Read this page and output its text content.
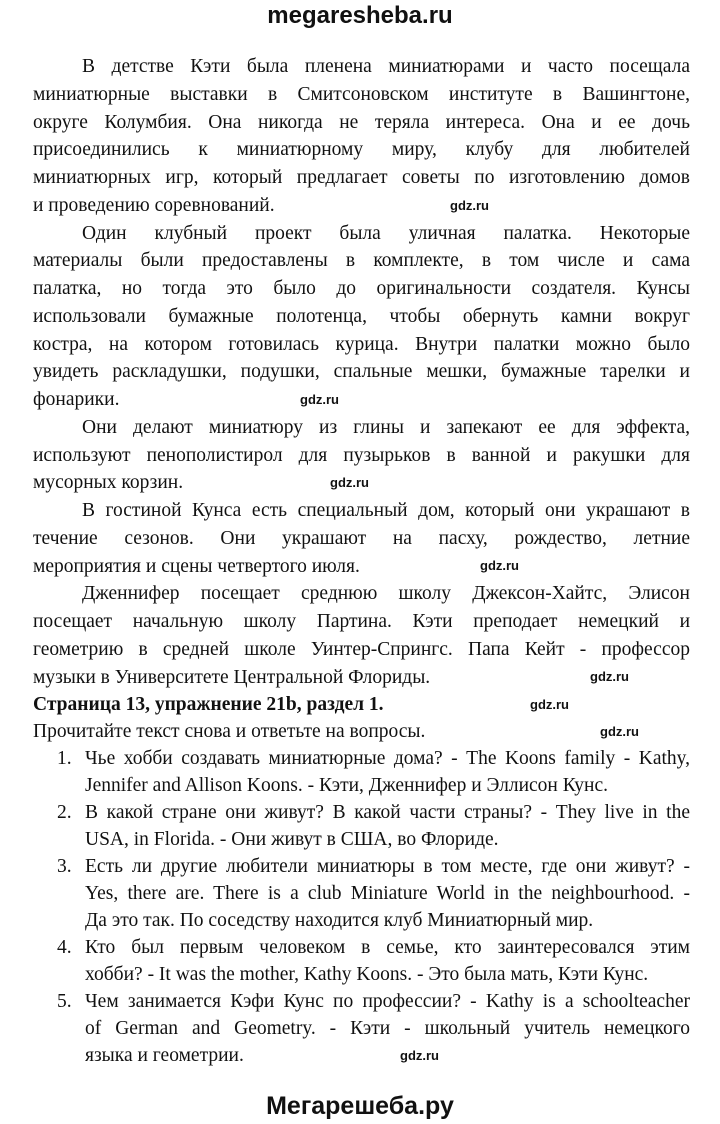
megaresheba.ru
В детстве Кэти была пленена миниатюрами и часто посещала
миниатюрные выставки в Смитсоновском институте в Вашингтоне,
округе Колумбия. Она никогда не теряла интереса. Она и ее дочь
присоединились к миниатюрному миру, клубу для любителей
миниатюрных игр, который предлагает советы по изготовлению домов
и проведению соревнований.
Один клубный проект была уличная палатка. Некоторые
материалы были предоставлены в комплекте, в том числе и сама
палатка, но тогда это было до оригинальности создателя. Кунсы
использовали бумажные полотенца, чтобы обернуть камни вокруг
костра, на котором готовилась курица. Внутри палатки можно было
увидеть раскладушки, подушки, спальные мешки, бумажные тарелки и
фонарики.
Они делают миниатюру из глины и запекают ее для эффекта,
используют пенополистирол для пузырьков в ванной и ракушки для
мусорных корзин.
В гостиной Кунса есть специальный дом, который они украшают в
течение сезонов. Они украшают на пасху, рождество, летние
мероприятия и сцены четвертого июля.
Дженнифер посещает среднюю школу Джексон-Хайтс, Элисон
посещает начальную школу Партина. Кэти преподает немецкий и
геометрию в средней школе Уинтер-Спрингс. Папа Кейт - профессор
музыки в Университете Центральной Флориды.
Страница 13, упражнение 21b, раздел 1.
Прочитайте текст снова и ответьте на вопросы.
1. Чье хобби создавать миниатюрные дома? - The Koons family - Kathy,
Jennifer and Allison Koons. - Кэти, Дженнифер и Эллисон Кунс.
2. В какой стране они живут? В какой части страны? - They live in the
USA, in Florida. - Они живут в США, во Флориде.
3. Есть ли другие любители миниатюры в том месте, где они живут? -
Yes, there are. There is a club Miniature World in the neighbourhood. -
Да это так. По соседству находится клуб Миниатюрный мир.
4. Кто был первым человеком в семье, кто заинтересовался этим
хобби? - It was the mother, Kathy Koons. - Это была мать, Кэти Кунс.
5. Чем занимается Кэфи Кунс по профессии? - Kathy is a schoolteacher
of German and Geometry. - Кэти - школьный учитель немецкого
языка и геометрии.
gdz.ru
gdz.ru
gdz.ru
gdz.ru
gdz.ru
gdz.ru
gdz.ru
gdz.ru
Мегарешеба.ру
